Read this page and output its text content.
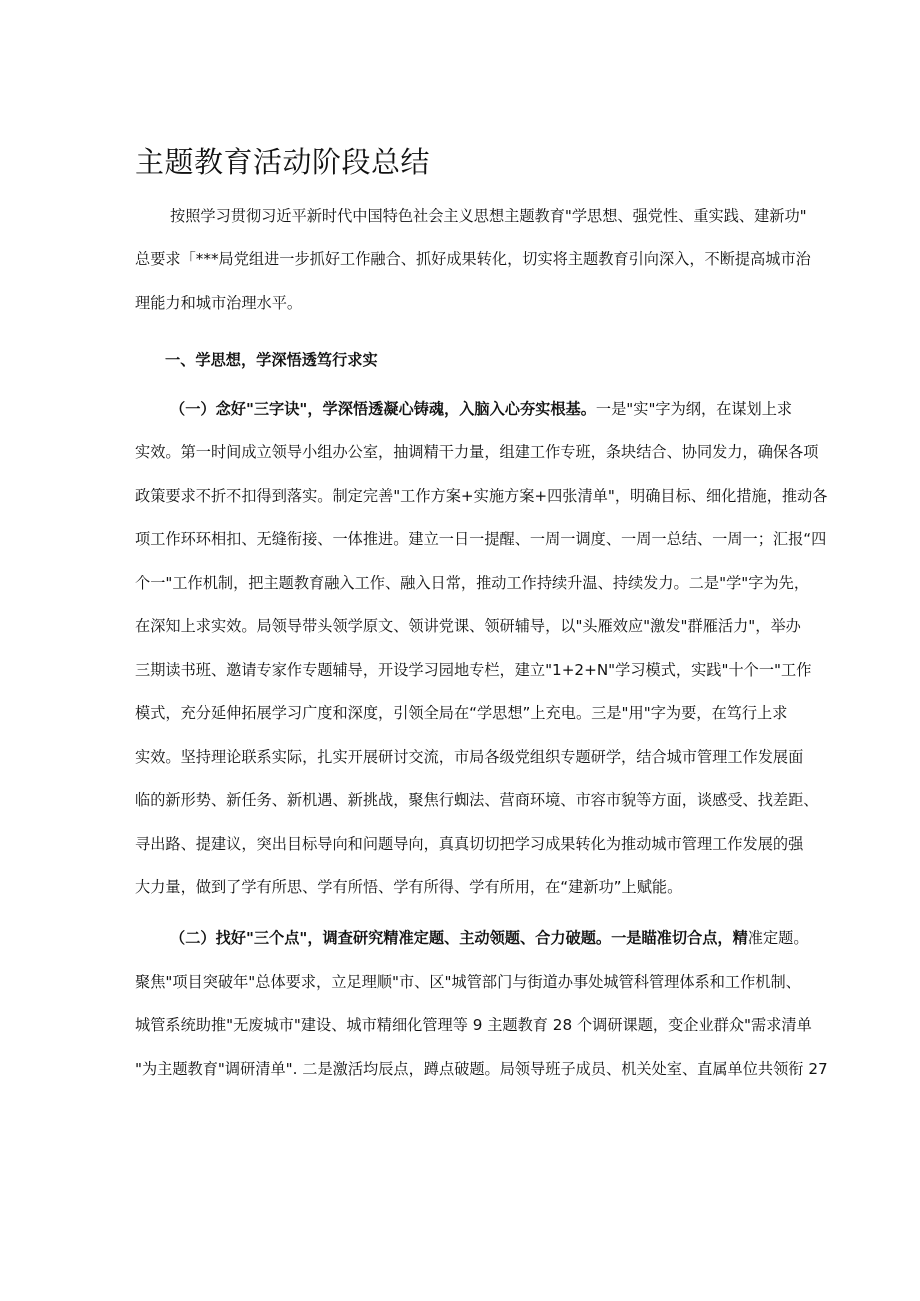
主题教育活动阶段总结

按照学习贯彻习近平新时代中国特色社会主义思想主题教育"学思想、强党性、重实践、建新功"

总要求「***局党组进一步抓好工作融合、抓好成果转化，切实将主题教育引向深入，不断提高城市治

理能力和城市治理水平。

一、学思想，学深悟透笃行求实

（一）念好"三字诀"，学深悟透凝心铸魂，入脑入心夯实根基。一是"实"字为纲，在谋划上求

实效。第一时间成立领导小组办公室，抽调精干力量，组建工作专班，条块结合、协同发力，确保各项

政策要求不折不扣得到落实。制定完善"工作方案+实施方案+四张清单"，明确目标、细化措施，推动各

项工作环环相扣、无缝衔接、一体推进。建立一日一提醒、一周一调度、一周一总结、一周一；汇报“四

个一"工作机制，把主题教育融入工作、融入日常，推动工作持续升温、持续发力。二是"学"字为先，

在深知上求实效。局领导带头领学原文、领讲党课、领研辅导，以"头雁效应"激发"群雁活力"，举办

三期读书班、邀请专家作专题辅导，开设学习园地专栏，建立"1+2+N"学习模式，实践"十个一"工作

模式，充分延伸拓展学习广度和深度，引领全局在“学思想”上充电。三是"用"字为要，在笃行上求

实效。坚持理论联系实际，扎实开展研讨交流，市局各级党组织专题研学，结合城市管理工作发展面

临的新形势、新任务、新机遇、新挑战，聚焦行蜘法、营商环境、市容市貌等方面，谈感受、找差距、

寻出路、提建议，突出目标导向和问题导向，真真切切把学习成果转化为推动城市管理工作发展的强

大力量，做到了学有所思、学有所悟、学有所得、学有所用，在“建新功”上赋能。

（二）找好"三个点"，调查研究精准定题、主动领题、合力破题。一是瞄准切合点，精准定题。

聚焦"项目突破年"总体要求，立足理顺"市、区"城管部门与街道办事处城管科管理体系和工作机制、

城管系统助推"无废城市"建设、城市精细化管理等 9 主题教育 28 个调研课题，变企业群众"需求清单

"为主题教育"调研清单". 二是激活均辰点，蹲点破题。局领导班子成员、机关处室、直属单位共领衔 27
